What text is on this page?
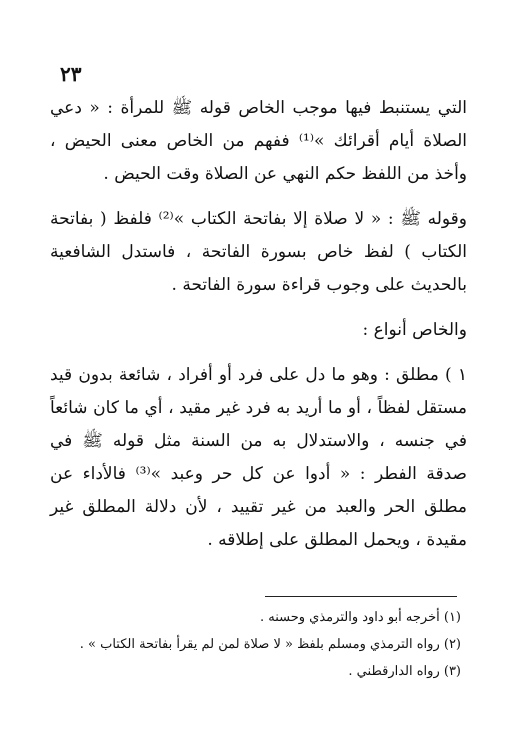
٢٣

التي يستنبط فيها موجب الخاص قوله ﷺ للمرأة : « دعي الصلاة أيام أقرائك »⁽¹⁾ ففهم من الخاص معنى الحيض ، وأخذ من اللفظ حكم النهي عن الصلاة وقت الحيض .

وقوله ﷺ : « لا صلاة إلا بفاتحة الكتاب »⁽²⁾ فلفظ ( بفاتحة الكتاب ) لفظ خاص بسورة الفاتحة ، فاستدل الشافعية بالحديث على وجوب قراءة سورة الفاتحة .

والخاص أنواع :

١ ) مطلق : وهو ما دل على فرد أو أفراد ، شائعة بدون قيد مستقل لفظاً ، أو ما أريد به فرد غير مقيد ، أي ما كان شائعاً في جنسه ، والاستدلال به من السنة مثل قوله ﷺ في صدقة الفطر : « أدوا عن كل حر وعبد »⁽³⁾ فالأداء عن مطلق الحر والعبد من غير تقييد ، لأن دلالة المطلق غير مقيدة ، ويحمل المطلق على إطلاقه .

(١) أخرجه أبو داود والترمذي وحسنه .

(٢) رواه الترمذي ومسلم بلفظ « لا صلاة لمن لم يقرأ بفاتحة الكتاب » .

(٣) رواه الدارقطني .
